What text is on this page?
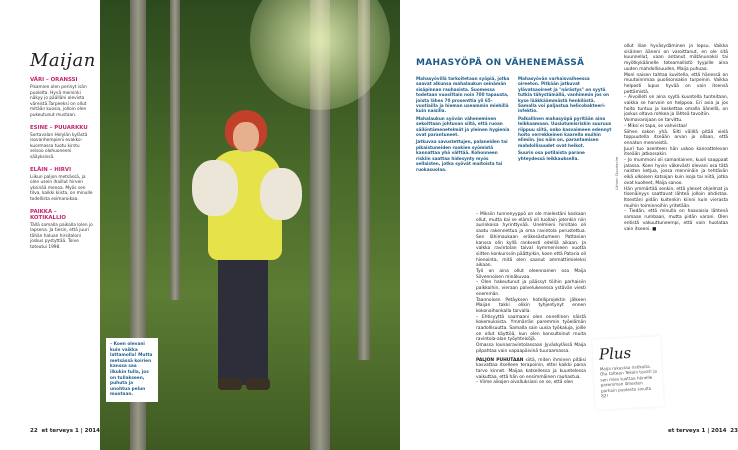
Maijan
VÄRI – ORANSSI
Pisamien olen perinyt isän puolelta. Hyvä meininki näkyy jo päälläni olevista väreistä.Tarpeeksi on ollut mitään kuosia, jolloin olen pukeutunut mustaan.
ESINE – PUUARKKU
Sortavalan Helylän kylästä isovanhempieni evakko-kuormassa tuotu kirstu seisoo olohuoneeni sääyksissä.
ELÄIN – HIRVI
Liikun paljon metsässä, ja olen usein ihaillut hirven yksinää menoa. Myös sen tilva, kaikki kiista, on minulle todellista esimaroikaa.
PAIKKA – KOTIKALLIO
Tällä samalla paikalla lolen jo lapsena. Ja tiesin, että juuri tähän haluan hirsitaloni joskus pystyttää. Toive toteutui 1998.
– Koen olevani kuin vaikka lattamolla! Mutta metsässä koirien kanssa saa ilkukin tulla, jos on tullakseen, puhuta ja unohtua pelun muotaan.
22 et terveys 1 | 2014	et terveys 1 | 2014 23
MAHASYÖPÄ ON VÄHENEMÄSSÄ

Mahasyövillä tarkoitetaan syöpiä, jotka saavat alkunsa mahalaukun seinämän sisäpinnan rauhasista. Suomessa todetaan vuosittain noin 700 tapausta, joista lähes 70 prosenttia yli 65-vuotiailla ja hieman useammin miehillä kuin naisilla.

Mahalaukun syövän väheneminen sekoittaan johtuvan siitä, että ruoan säilöntämenetelmät ja yleinen hygienia ovat parantuneet.

Jatkuvaa savustettujen, palaneiden tai pikaistuneiden ruokien syömistä kannattaa yhä välttää. Kohonneen riskiin saattaa hidesynty myös sellaisten, jotka syövät maitoista tai ruokasuolaa.

Mahasyövän varhaisvaiheessa oireeton. Pitkään jatkuvat ylävatsaoireet ja "närästys" on syytä tutkia tähystämällä, vanhimmin jos on kyse lääkkäämmästä henkilöstä. Samalla voi paljastua helicobakteeri-infektio.

Palkallinen mahasyöpä pyritään aina leikkaamaan. Uusiutumisriskin suuruus riippuu siitä, onko kasvaimeen edennyt hoito verrekkeinen kaarella muihin elimiin. Jos näin on, parantamisen mahdollisuudet ovat heikot.

Suurin osa potilaista parane yhteydessä leikkauksella.	Lähde: Duodecim

– Miksiin tunnenyyppö on ole mielestäni koskaan ollut, mutta kai se elämä oli tuollain jotenkin niin aurinkoisa hyrinttyvää. Unelmieni hirsitalo oli saatu rakennettua ja oma ravintola perustettua. Sen lähimaukaan eräkesästumeen Pattanian kanssa olin kyllä ranksesti edelliä aikaan. Ja valkka ravintolan taival kymmeniseen vuotta siitten konkurssiin päättyikin, koen että Pataria oli hienointa, mitä olen saanut ammattimieleksi aikaan.

Työ on aina ollut oleennainen osa Maija Silvennoisen minäkuvaa.

– Olen hakeutunut ja päässyt töihin parhaisiin paikkoihin, vieraan palvelukesessa ystävän viesti enemmän.

Taannoisen Petäyksen hotelliprojektin jälkeen Maijan takki olikin tyhjentynyt ennen kokonaihonkalla tarvalla.

– Ehtisyyttä saamaani olen onnellinen näistä kokemuksista. Ymmärrän paremmin työelämän raadollisuutta. Samalla sain uusia työkaluja, joille on ollut käyttöä, kun olen konsultoinut muita ravintola-alan työyhteisöjä.

Omassa lounasravintolassaan Jyväskylässä Maija pilpahtaa vain vapaapäivinä tuuraamassa.

PALJON PUHUTAAN siitä, miten ihminen pitäisi kasvattaa itselleen terapoinin, ettei kaikki paina tarvo kinnet. Maijaa katsellessa ja kuuntelessa vaikuttaa, että hän on ensimmäinen rauhastua.

– Viime aikojen oivalluksiani on se, että olen

ollut liian hyväsydäminen ja lepsu. Vaikka sisäinen ääneni on varoittanut, en ole sitä kuunnellut, vaan antanut mätänunaksi tai myötkykäänelle toteamallistö tyypille aina uuden mahdollisuuden, Maija puhuaa.

Moni naisen tahtaa kuvitella, että hänessä on muutoinnmaa puolisonsakin turpeinin. Vaikka helposti lupus hyvää on vain itsensä pettämistä.

– Aivoilleti on aina syytä kuuntella tunteitaan, vaikka se harvoin on helppoa. Eri asia ja jos hoito tuntuu ja koskettaa omalla äänellä, on joskus oltava rohkea ja lähteä tavoitiin.

Voimavarojaan on tarvittu.

– Miksi ei tapa, se vahvistaa!

Siihen sakon yhä. Silti välillä pitää vielä toppuutella itseään arvan jo ollaan, että ennaton menneistä.

Juuri tuo asenteen hän uskoo kannattelevan itseään jatkossakin.

– Jo mummoni oli samanlainen, kuoli saappaat jalassa. Koen hyvin väkevästi olevani osa tätä naisten ketjua, jossa menninäin ja tehtävän eikä ulkoisen katsojan kuin isoja tai niitä, jotka ovat kuolleet, Maija sanoo.

Hän ymmärtää senkin, että yleiset ohjelmat ja tisenäinyys saattavat lähteä jolloin ahdistaa. Itsestäni pidän kuitenkin kiinni kuin vierasta muihin toiminnoihin yritetään.

– Tiedän, että minulla on haavaisia lähtenä samaan rumbaan, mutta pidän varani. Olen entistä vakuuttuneempi, että voin huolataa vain itseeni. ■

Plus
Maija rakastaa ristikoita. Ota talteen Tekoin tavat! ja sen mies tuottaa hänelle paremman lähesten parhain puolesta sivulta 82!
